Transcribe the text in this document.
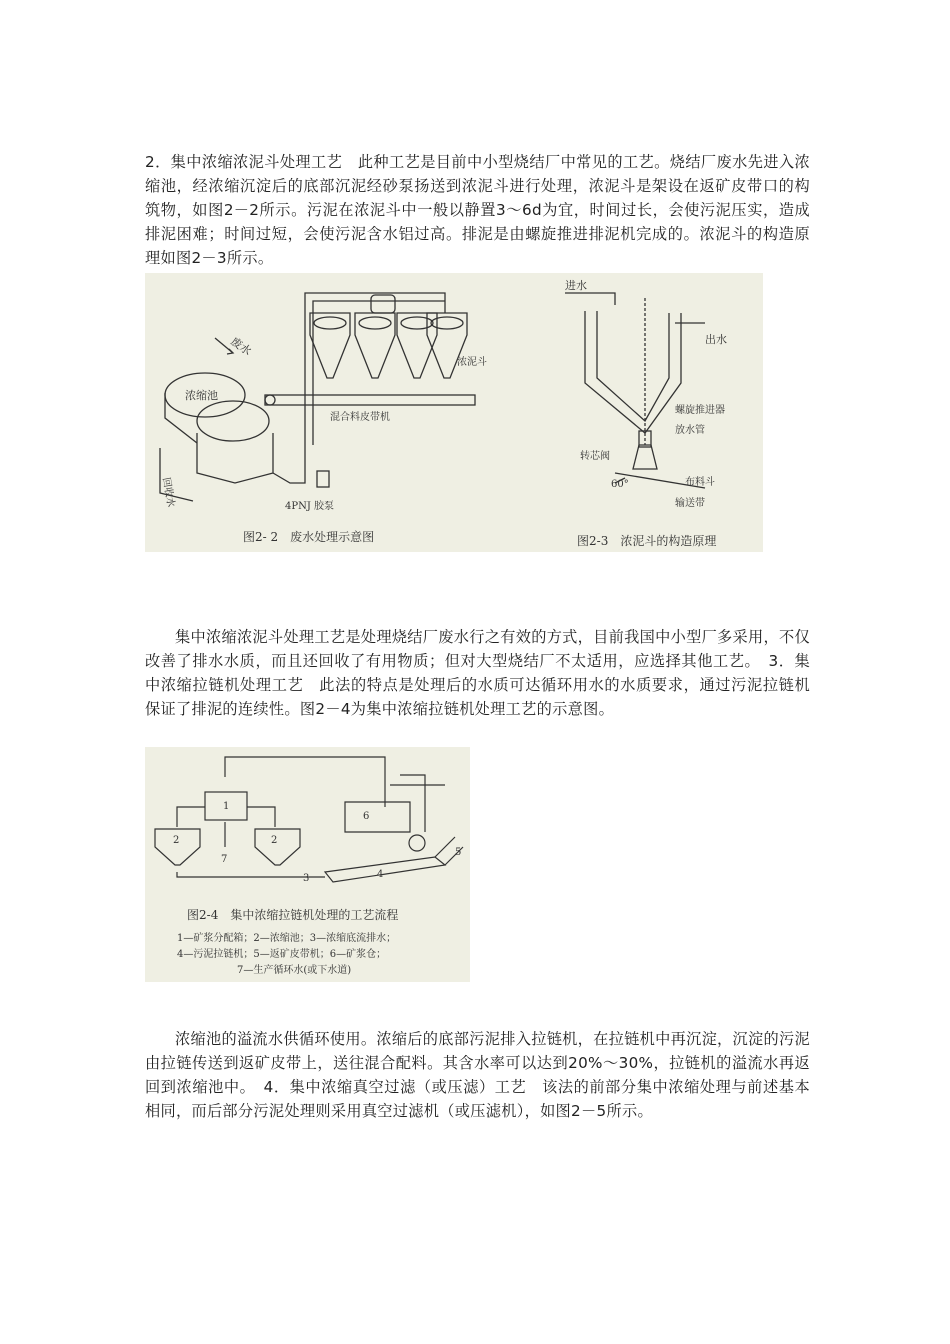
2．集中浓缩浓泥斗处理工艺　此种工艺是目前中小型烧结厂中常见的工艺。烧结厂废水先进入浓缩池，经浓缩沉淀后的底部沉泥经砂泵扬送到浓泥斗进行处理，浓泥斗是架设在返矿皮带口的构筑物，如图2－2所示。污泥在浓泥斗中一般以静置3～6d为宜，时间过长，会使污泥压实，造成排泥困难；时间过短，会使污泥含水铝过高。排泥是由螺旋推进排泥机完成的。浓泥斗的构造原理如图2－3所示。

废水
浓缩池
浓泥斗
混合料皮带机
回收水	4PNJ 胶泵
图2- 2　废水处理示意图
进水
出水
螺旋推进器
放水管
转芯阀
60°	布料斗
输送带
图2-3　浓泥斗的构造原理

集中浓缩浓泥斗处理工艺是处理烧结厂废水行之有效的方式，目前我国中小型厂多采用，不仅改善了排水水质，而且还回收了有用物质；但对大型烧结厂不太适用，应选择其他工艺。　3．集中浓缩拉链机处理工艺　此法的特点是处理后的水质可达循环用水的水质要求，通过污泥拉链机保证了排泥的连续性。图2－4为集中浓缩拉链机处理工艺的示意图。

1
2	2
7
3	4
5
6
图2-4　集中浓缩拉链机处理的工艺流程
1—矿浆分配箱；2—浓缩池；3—浓缩底流排水；
4—污泥拉链机；5—返矿皮带机；6—矿浆仓；
7—生产循环水(或下水道)

浓缩池的溢流水供循环使用。浓缩后的底部污泥排入拉链机，在拉链机中再沉淀，沉淀的污泥由拉链传送到返矿皮带上，送往混合配料。其含水率可以达到20%～30%，拉链机的溢流水再返回到浓缩池中。　4．集中浓缩真空过滤（或压滤）工艺　该法的前部分集中浓缩处理与前述基本相同，而后部分污泥处理则采用真空过滤机（或压滤机），如图2－5所示。
